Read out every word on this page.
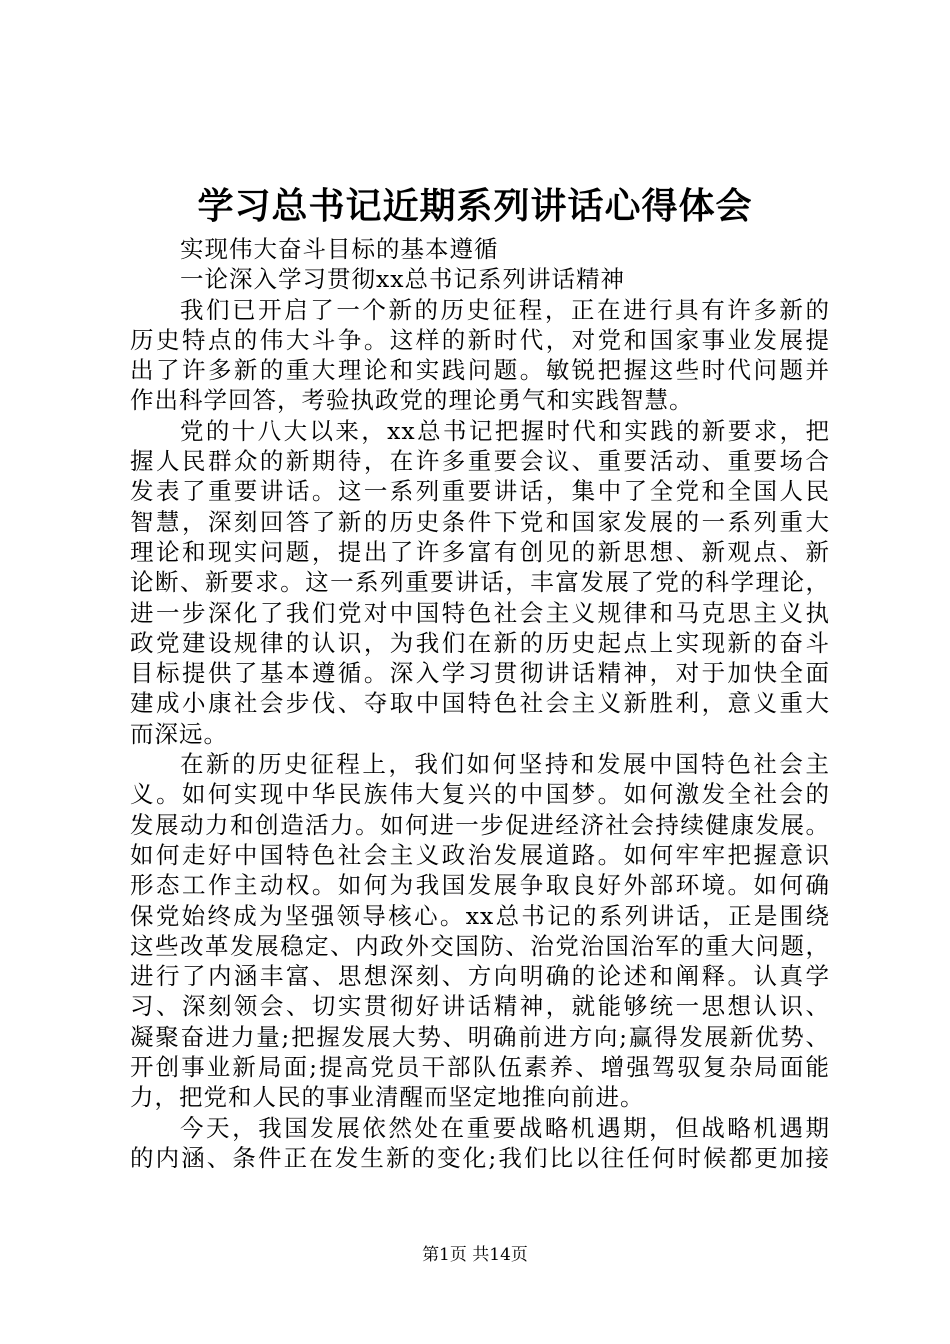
学习总书记近期系列讲话心得体会
实现伟大奋斗目标的基本遵循
一论深入学习贯彻xx总书记系列讲话精神
我们已开启了一个新的历史征程，正在进行具有许多新的
历史特点的伟大斗争。这样的新时代，对党和国家事业发展提
出了许多新的重大理论和实践问题。敏锐把握这些时代问题并
作出科学回答，考验执政党的理论勇气和实践智慧。
党的十八大以来，xx总书记把握时代和实践的新要求，把
握人民群众的新期待，在许多重要会议、重要活动、重要场合
发表了重要讲话。这一系列重要讲话，集中了全党和全国人民
智慧，深刻回答了新的历史条件下党和国家发展的一系列重大
理论和现实问题，提出了许多富有创见的新思想、新观点、新
论断、新要求。这一系列重要讲话，丰富发展了党的科学理论，
进一步深化了我们党对中国特色社会主义规律和马克思主义执
政党建设规律的认识，为我们在新的历史起点上实现新的奋斗
目标提供了基本遵循。深入学习贯彻讲话精神，对于加快全面
建成小康社会步伐、夺取中国特色社会主义新胜利，意义重大
而深远。
在新的历史征程上，我们如何坚持和发展中国特色社会主
义。如何实现中华民族伟大复兴的中国梦。如何激发全社会的
发展动力和创造活力。如何进一步促进经济社会持续健康发展。
如何走好中国特色社会主义政治发展道路。如何牢牢把握意识
形态工作主动权。如何为我国发展争取良好外部环境。如何确
保党始终成为坚强领导核心。xx总书记的系列讲话，正是围绕
这些改革发展稳定、内政外交国防、治党治国治军的重大问题，
进行了内涵丰富、思想深刻、方向明确的论述和阐释。认真学
习、深刻领会、切实贯彻好讲话精神，就能够统一思想认识、
凝聚奋进力量;把握发展大势、明确前进方向;赢得发展新优势、
开创事业新局面;提高党员干部队伍素养、增强驾驭复杂局面能
力，把党和人民的事业清醒而坚定地推向前进。
今天，我国发展依然处在重要战略机遇期，但战略机遇期
的内涵、条件正在发生新的变化;我们比以往任何时候都更加接
第1页 共14页
